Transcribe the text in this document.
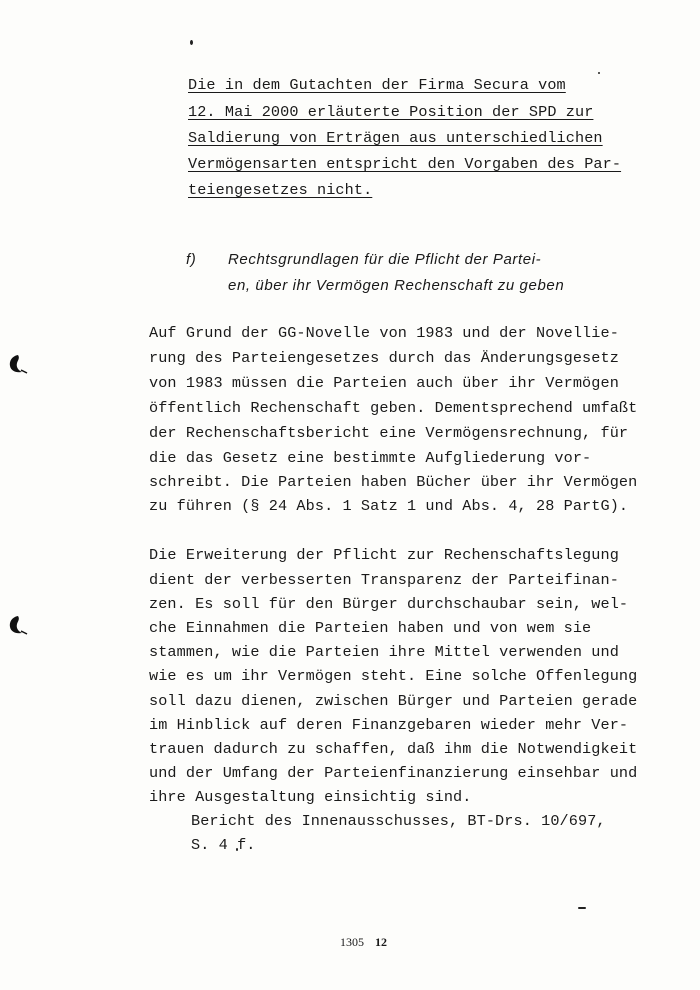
Die in dem Gutachten der Firma Secura vom
12. Mai 2000 erläuterte Position der SPD zur
Saldierung von Erträgen aus unterschiedlichen
Vermögensarten entspricht den Vorgaben des Par-
teiengesetzes nicht.
f) Rechtsgrundlagen für die Pflicht der Partei-
en, über ihr Vermögen Rechenschaft zu geben
Auf Grund der GG-Novelle von 1983 und der Novellie-
rung des Parteiengesetzes durch das Änderungsgesetz
von 1983 müssen die Parteien auch über ihr Vermögen
öffentlich Rechenschaft geben. Dementsprechend umfaßt
der Rechenschaftsbericht eine Vermögensrechnung, für
die das Gesetz eine bestimmte Aufgliederung vor-
schreibt. Die Parteien haben Bücher über ihr Vermögen
zu führen (§ 24 Abs. 1 Satz 1 und Abs. 4, 28 PartG).
Die Erweiterung der Pflicht zur Rechenschaftslegung
dient der verbesserten Transparenz der Parteifinan-
zen. Es soll für den Bürger durchschaubar sein, wel-
che Einnahmen die Parteien haben und von wem sie
stammen, wie die Parteien ihre Mittel verwenden und
wie es um ihr Vermögen steht. Eine solche Offenlegung
soll dazu dienen, zwischen Bürger und Parteien gerade
im Hinblick auf deren Finanzgebaren wieder mehr Ver-
trauen dadurch zu schaffen, daß ihm die Notwendigkeit
und der Umfang der Parteienfinanzierung einsehbar und
ihre Ausgestaltung einsichtig sind.
Bericht des Innenausschusses, BT-Drs. 10/697,
S. 4 f.
1305 12
